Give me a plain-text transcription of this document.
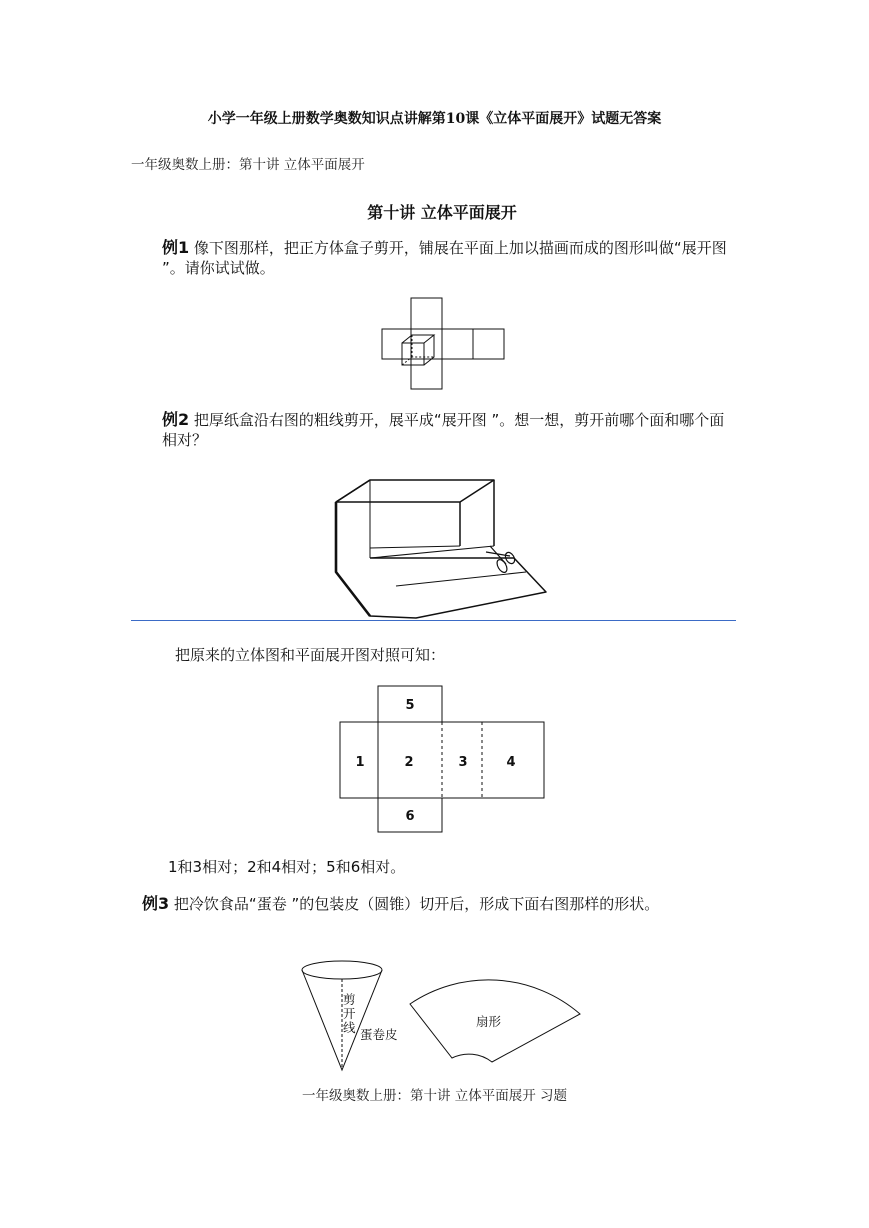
小学一年级上册数学奥数知识点讲解第10课《立体平面展开》试题无答案
一年级奥数上册：第十讲 立体平面展开
第十讲 立体平面展开
例1 像下图那样，把正方体盒子剪开，铺展在平面上加以描画而成的图形叫做“展开图 ”。请你试试做。
例2 把厚纸盒沿右图的粗线剪开，展平成“展开图 ”。想一想，剪开前哪个面和哪个面相对？
把原来的立体图和平面展开图对照可知：
5
1	2	3	4
6
1和3相对；2和4相对；5和6相对。
例3 把冷饮食品“蛋卷 ”的包装皮（圆锥）切开后，形成下面右图那样的形状。
剪
开
线 蛋卷皮
扇形
一年级奥数上册：第十讲 立体平面展开 习题
